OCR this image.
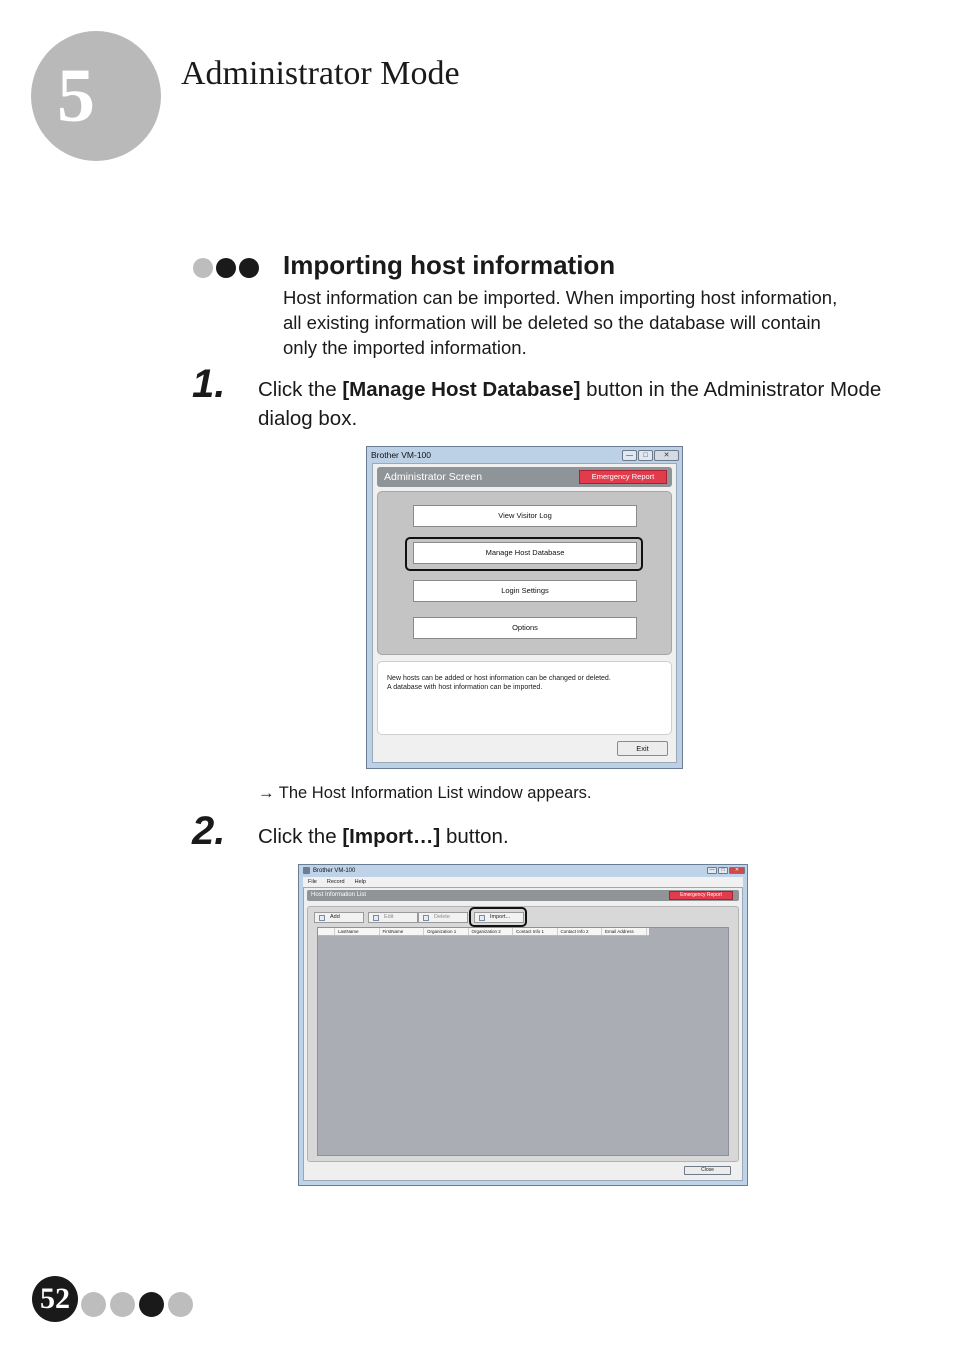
5	Administrator Mode
Importing host information
Host information can be imported. When importing host information,
all existing information will be deleted so the database will contain
only the imported information.
1. Click the [Manage Host Database] button in the Administrator Mode dialog box.
Brother VM-100	—	□	✕
Administrator Screen	Emergency Report
View Visitor Log
Manage Host Database
Login Settings
Options
New hosts can be added or host information can be changed or deleted.
A database with host information can be imported.
Exit
→ The Host Information List window appears.
2. Click the [Import…] button.
Brother VM-100	—	□	✕
File Record Help
Host Information List	Emergency Report
Add	Edit	Delete	Import...
LastName	FirstName	Organization 1	Organization 2	Contact Info 1	Contact Info 2	Email Address
Close
52
